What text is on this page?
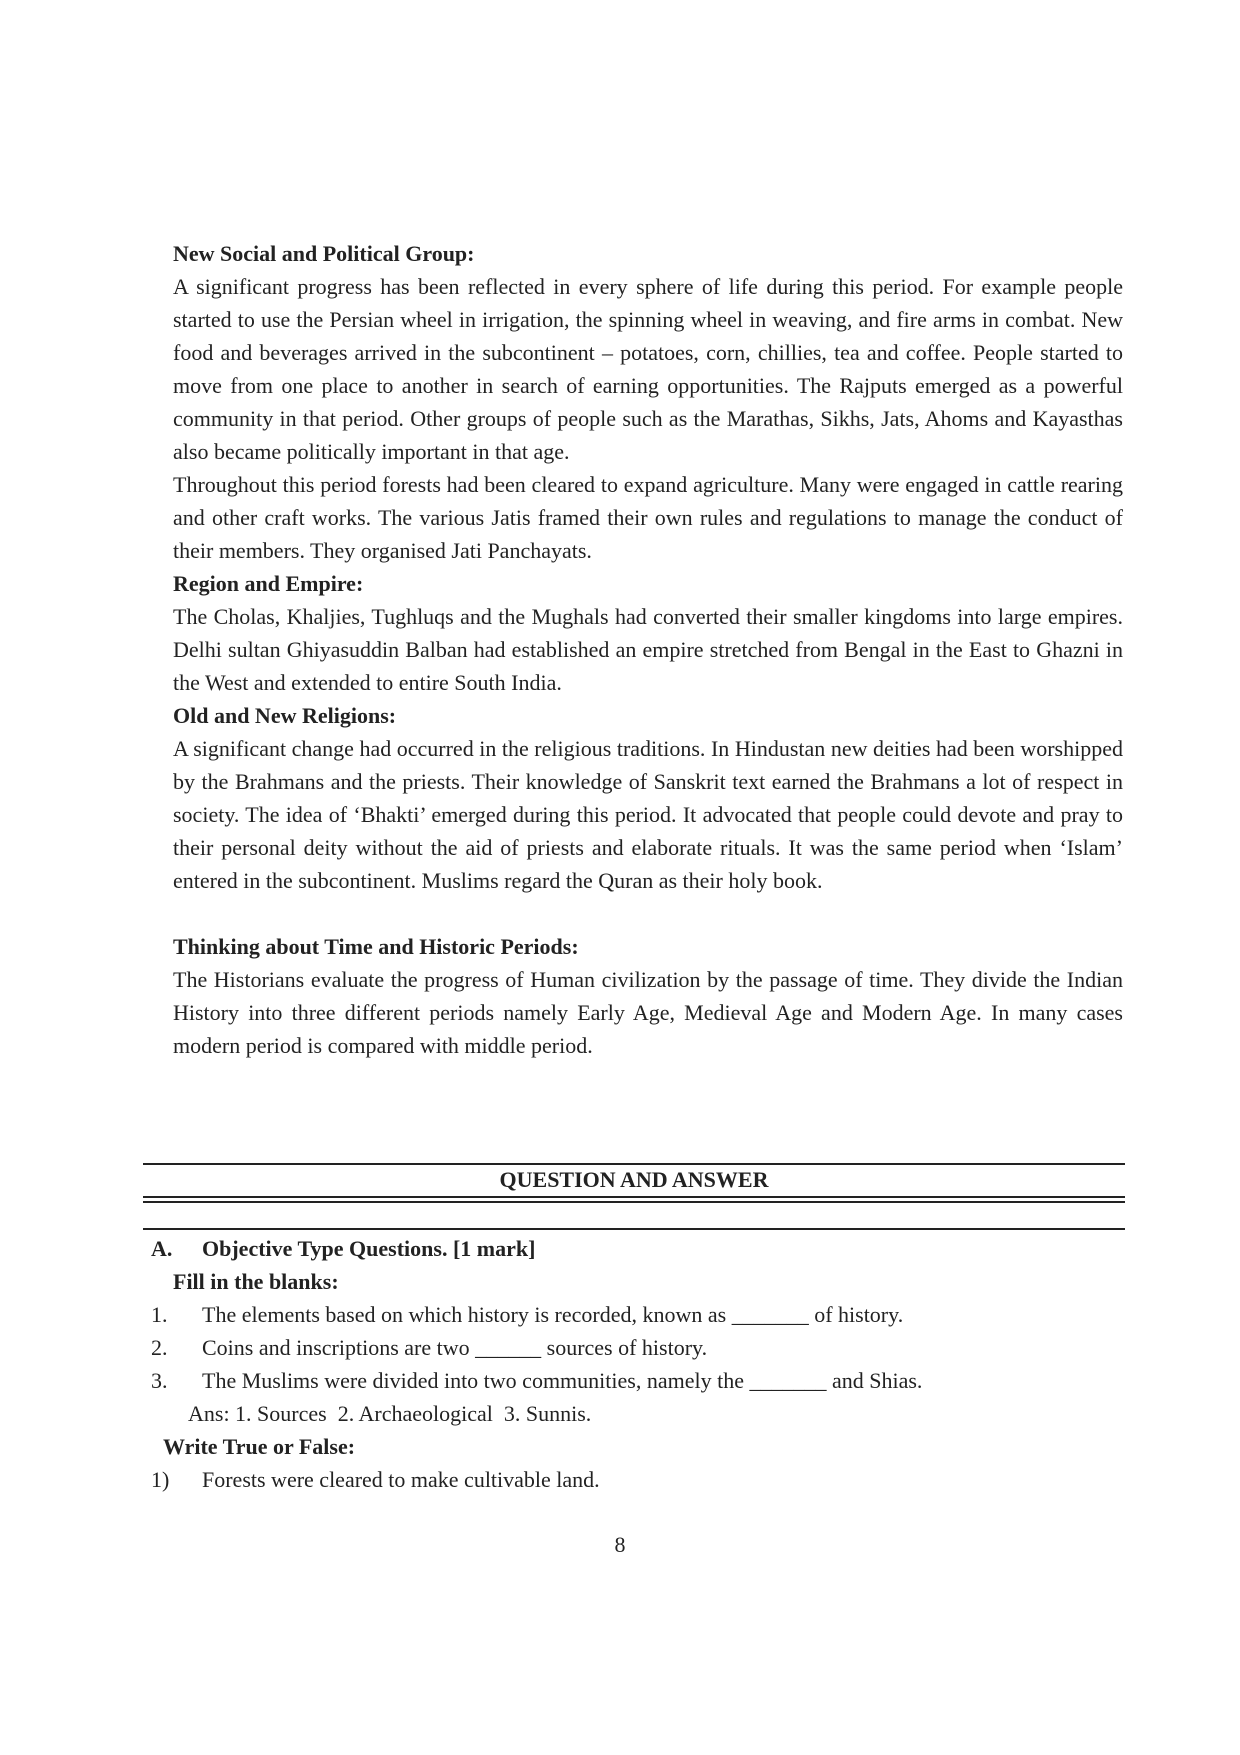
New Social and Political Group:
A significant progress has been reflected in every sphere of life during this period. For example people started to use the Persian wheel in irrigation, the spinning wheel in weaving, and fire arms in combat. New food and beverages arrived in the subcontinent – potatoes, corn, chillies, tea and coffee. People started to move from one place to another in search of earning opportunities. The Rajputs emerged as a powerful community in that period. Other groups of people such as the Marathas, Sikhs, Jats, Ahoms and Kayasthas also became politically important in that age.
Throughout this period forests had been cleared to expand agriculture. Many were engaged in cattle rearing and other craft works. The various Jatis framed their own rules and regulations to manage the conduct of their members. They organised Jati Panchayats.
Region and Empire:
The Cholas, Khaljies, Tughluqs and the Mughals had converted their smaller kingdoms into large empires. Delhi sultan Ghiyasuddin Balban had established an empire stretched from Bengal in the East to Ghazni in the West and extended to entire South India.
Old and New Religions:
A significant change had occurred in the religious traditions. In Hindustan new deities had been worshipped by the Brahmans and the priests. Their knowledge of Sanskrit text earned the Brahmans a lot of respect in society. The idea of ‘Bhakti’ emerged during this period. It advocated that people could devote and pray to their personal deity without the aid of priests and elaborate rituals. It was the same period when ‘Islam’ entered in the subcontinent. Muslims regard the Quran as their holy book.
Thinking about Time and Historic Periods:
The Historians evaluate the progress of Human civilization by the passage of time. They divide the Indian History into three different periods namely Early Age, Medieval Age and Modern Age. In many cases modern period is compared with middle period.
QUESTION AND ANSWER
A. Objective Type Questions. [1 mark]
Fill in the blanks:
1. The elements based on which history is recorded, known as _______ of history.
2. Coins and inscriptions are two ______ sources of history.
3. The Muslims were divided into two communities, namely the _______ and Shias.
Ans: 1. Sources  2. Archaeological  3. Sunnis.
Write True or False:
1) Forests were cleared to make cultivable land.
8
